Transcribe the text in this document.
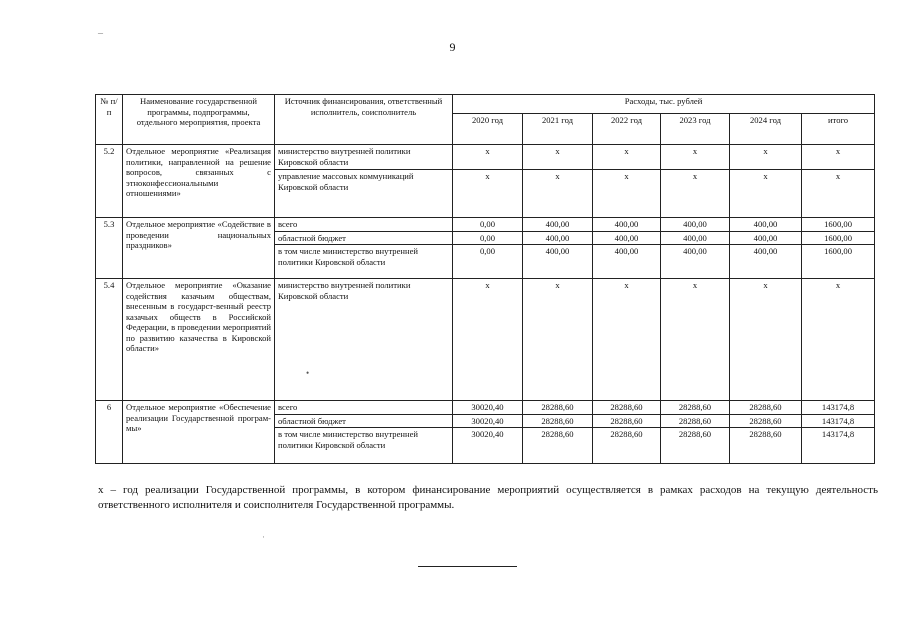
–
•
·
9
№ п/п	Наименование государственной программы, подпрограммы, отдельного мероприятия, проекта	Источник финансирования, ответственный исполнитель, соисполнитель	Расходы, тыс. рублей					
			2020 год	2021 год	2022 год	2023 год	2024 год	итого
5.2	Отдельное мероприятие «Реализация политики, направленной на решение вопросов, связанных с этноконфессиональными отношениями»	министерство внутренней политики Кировской области	х	х	х	х	х	х
		управление массовых коммуникаций Кировской области	х	х	х	х	х	х
5.3	Отдельное мероприятие «Содействие в проведении национальных праздников»	всего	0,00	400,00	400,00	400,00	400,00	1600,00
		областной бюджет	0,00	400,00	400,00	400,00	400,00	1600,00
		в том числе министерство внутренней политики Кировской области	0,00	400,00	400,00	400,00	400,00	1600,00
5.4	Отдельное мероприятие «Оказание содействия казачьим обществам, внесенным в государст-венный реестр казачьих обществ в Российской Федерации, в проведении мероприятий по развитию казачества в Кировской области»	министерство внутренней политики Кировской области	х	х	х	х	х	х
6	Отдельное мероприятие «Обеспечение реализации Государственной програм-мы»	всего	30020,40	28288,60	28288,60	28288,60	28288,60	143174,8
		областной бюджет	30020,40	28288,60	28288,60	28288,60	28288,60	143174,8
		в том числе министерство внутренней политики Кировской области	30020,40	28288,60	28288,60	28288,60	28288,60	143174,8
х – год реализации Государственной программы, в котором финансирование мероприятий осуществляется в рамках расходов на текущую деятельность ответственного исполнителя и соисполнителя Государственной программы.
